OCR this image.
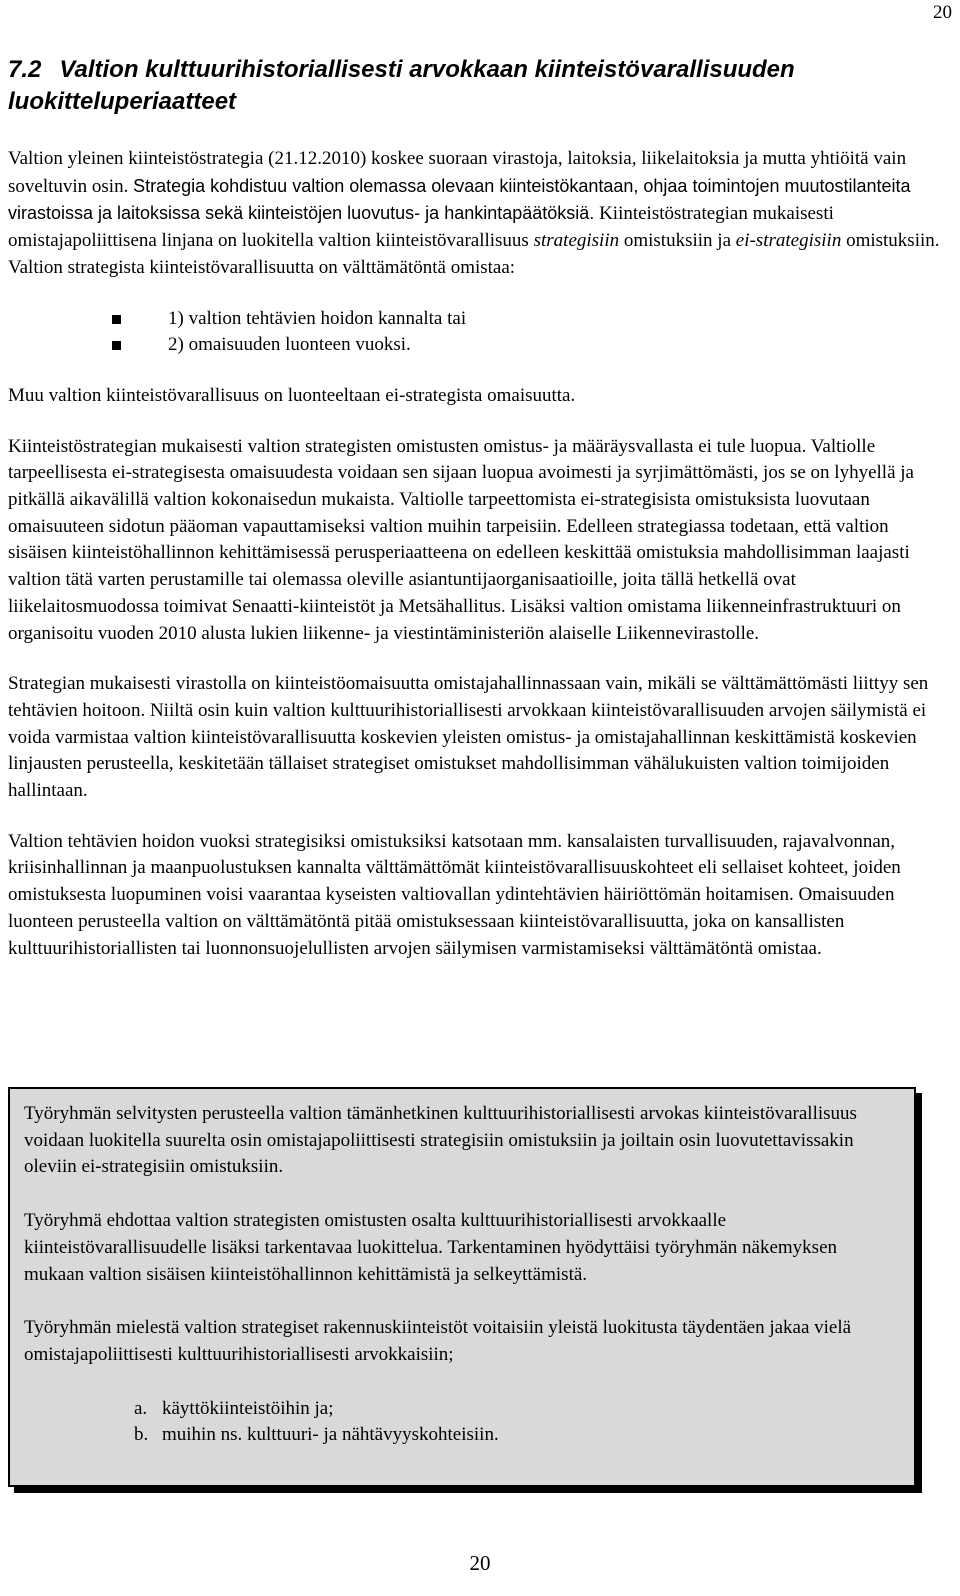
20
7.2 Valtion kulttuurihistoriallisesti arvokkaan kiinteistövarallisuuden luokitteluperiaatteet

Valtion yleinen kiinteistöstrategia (21.12.2010) koskee suoraan virastoja, laitoksia, liikelaitoksia ja mutta yhtiöitä vain soveltuvin osin. Strategia kohdistuu valtion olemassa olevaan kiinteistökantaan, ohjaa toimintojen muutostilanteita virastoissa ja laitoksissa sekä kiinteistöjen luovutus- ja hankintapäätöksiä. Kiinteistöstrategian mukaisesti omistajapoliittisena linjana on luokitella valtion kiinteistövarallisuus strategisiin omistuksiin ja ei-strategisiin omistuksiin. Valtion strategista kiinteistövarallisuutta on välttämätöntä omistaa:

1) valtion tehtävien hoidon kannalta tai
2) omaisuuden luonteen vuoksi.

Muu valtion kiinteistövarallisuus on luonteeltaan ei-strategista omaisuutta.

Kiinteistöstrategian mukaisesti valtion strategisten omistusten omistus- ja määräysvallasta ei tule luopua. Valtiolle tarpeellisesta ei-strategisesta omaisuudesta voidaan sen sijaan luopua avoimesti ja syrjimättömästi, jos se on lyhyellä ja pitkällä aikavälillä valtion kokonaisedun mukaista. Valtiolle tarpeettomista ei-strategisista omistuksista luovutaan omaisuuteen sidotun pääoman vapauttamiseksi valtion muihin tarpeisiin. Edelleen strategiassa todetaan, että valtion sisäisen kiinteistöhallinnon kehittämisessä perusperiaatteena on edelleen keskittää omistuksia mahdollisimman laajasti valtion tätä varten perustamille tai olemassa oleville asiantuntijaorganisaatioille, joita tällä hetkellä ovat liikelaitosmuodossa toimivat Senaatti-kiinteistöt ja Metsähallitus. Lisäksi valtion omistama liikenneinfrastruktuuri on organisoitu vuoden 2010 alusta lukien liikenne- ja viestintäministeriön alaiselle Liikennevirastolle.

Strategian mukaisesti virastolla on kiinteistöomaisuutta omistajahallinnassaan vain, mikäli se välttämättömästi liittyy sen tehtävien hoitoon. Niiltä osin kuin valtion kulttuurihistoriallisesti arvokkaan kiinteistövarallisuuden arvojen säilymistä ei voida varmistaa valtion kiinteistövarallisuutta koskevien yleisten omistus- ja omistajahallinnan keskittämistä koskevien linjausten perusteella, keskitetään tällaiset strategiset omistukset mahdollisimman vähälukuisten valtion toimijoiden hallintaan.

Valtion tehtävien hoidon vuoksi strategisiksi omistuksiksi katsotaan mm. kansalaisten turvallisuuden, rajavalvonnan, kriisinhallinnan ja maanpuolustuksen kannalta välttämättömät kiinteistövarallisuuskohteet eli sellaiset kohteet, joiden omistuksesta luopuminen voisi vaarantaa kyseisten valtiovallan ydintehtävien häiriöttömän hoitamisen. Omaisuuden luonteen perusteella valtion on välttämätöntä pitää omistuksessaan kiinteistövarallisuutta, joka on kansallisten kulttuurihistoriallisten tai luonnonsuojelullisten arvojen säilymisen varmistamiseksi välttämätöntä omistaa.

Työryhmän selvitysten perusteella valtion tämänhetkinen kulttuurihistoriallisesti arvokas kiinteistövarallisuus voidaan luokitella suurelta osin omistajapoliittisesti strategisiin omistuksiin ja joiltain osin luovutettavissakin oleviin ei-strategisiin omistuksiin.

Työryhmä ehdottaa valtion strategisten omistusten osalta kulttuurihistoriallisesti arvokkaalle kiinteistövarallisuudelle lisäksi tarkentavaa luokittelua. Tarkentaminen hyödyttäisi työryhmän näkemyksen mukaan valtion sisäisen kiinteistöhallinnon kehittämistä ja selkeyttämistä.

Työryhmän mielestä valtion strategiset rakennuskiinteistöt voitaisiin yleistä luokitusta täydentäen jakaa vielä omistajapoliittisesti kulttuurihistoriallisesti arvokkaisiin;

a. käyttökiinteistöihin ja;
b. muihin ns. kulttuuri- ja nähtävyyskohteisiin.
20
